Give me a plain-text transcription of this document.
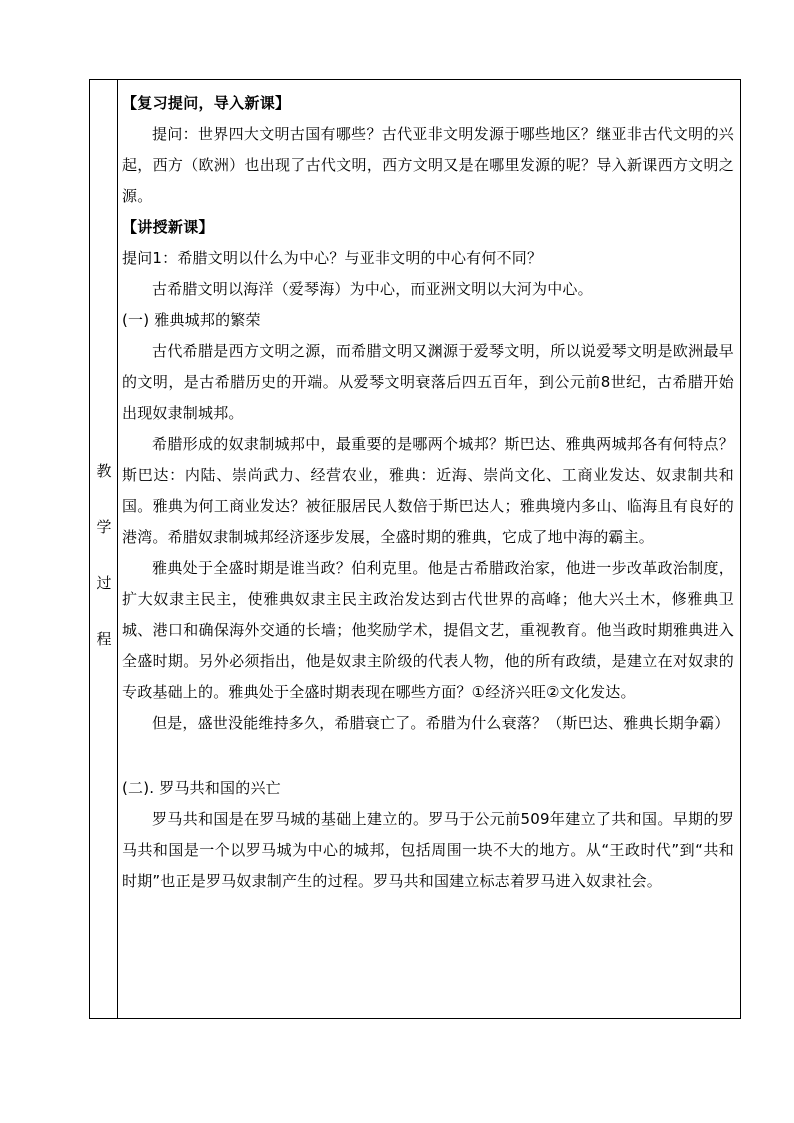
教
学
过
程

【复习提问，导入新课】

提问：世界四大文明古国有哪些？古代亚非文明发源于哪些地区？继亚非古代文明的兴起，西方（欧洲）也出现了古代文明，西方文明又是在哪里发源的呢？导入新课西方文明之源。

【讲授新课】

提问1：希腊文明以什么为中心？与亚非文明的中心有何不同？

古希腊文明以海洋（爱琴海）为中心，而亚洲文明以大河为中心。

(一) 雅典城邦的繁荣

古代希腊是西方文明之源，而希腊文明又渊源于爱琴文明，所以说爱琴文明是欧洲最早的文明，是古希腊历史的开端。从爱琴文明衰落后四五百年，到公元前8世纪，古希腊开始出现奴隶制城邦。

希腊形成的奴隶制城邦中，最重要的是哪两个城邦？斯巴达、雅典两城邦各有何特点？斯巴达：内陆、崇尚武力、经营农业，雅典：近海、崇尚文化、工商业发达、奴隶制共和国。雅典为何工商业发达？被征服居民人数倍于斯巴达人；雅典境内多山、临海且有良好的港湾。希腊奴隶制城邦经济逐步发展，全盛时期的雅典，它成了地中海的霸主。

雅典处于全盛时期是谁当政？伯利克里。他是古希腊政治家，他进一步改革政治制度，扩大奴隶主民主，使雅典奴隶主民主政治发达到古代世界的高峰；他大兴土木，修雅典卫城、港口和确保海外交通的长墙；他奖励学术，提倡文艺，重视教育。他当政时期雅典进入全盛时期。另外必须指出，他是奴隶主阶级的代表人物，他的所有政绩，是建立在对奴隶的专政基础上的。雅典处于全盛时期表现在哪些方面？①经济兴旺②文化发达。

但是，盛世没能维持多久，希腊衰亡了。希腊为什么衰落？（斯巴达、雅典长期争霸）

(二). 罗马共和国的兴亡

罗马共和国是在罗马城的基础上建立的。罗马于公元前509年建立了共和国。早期的罗马共和国是一个以罗马城为中心的城邦，包括周围一块不大的地方。从“王政时代”到“共和时期”也正是罗马奴隶制产生的过程。罗马共和国建立标志着罗马进入奴隶社会。
